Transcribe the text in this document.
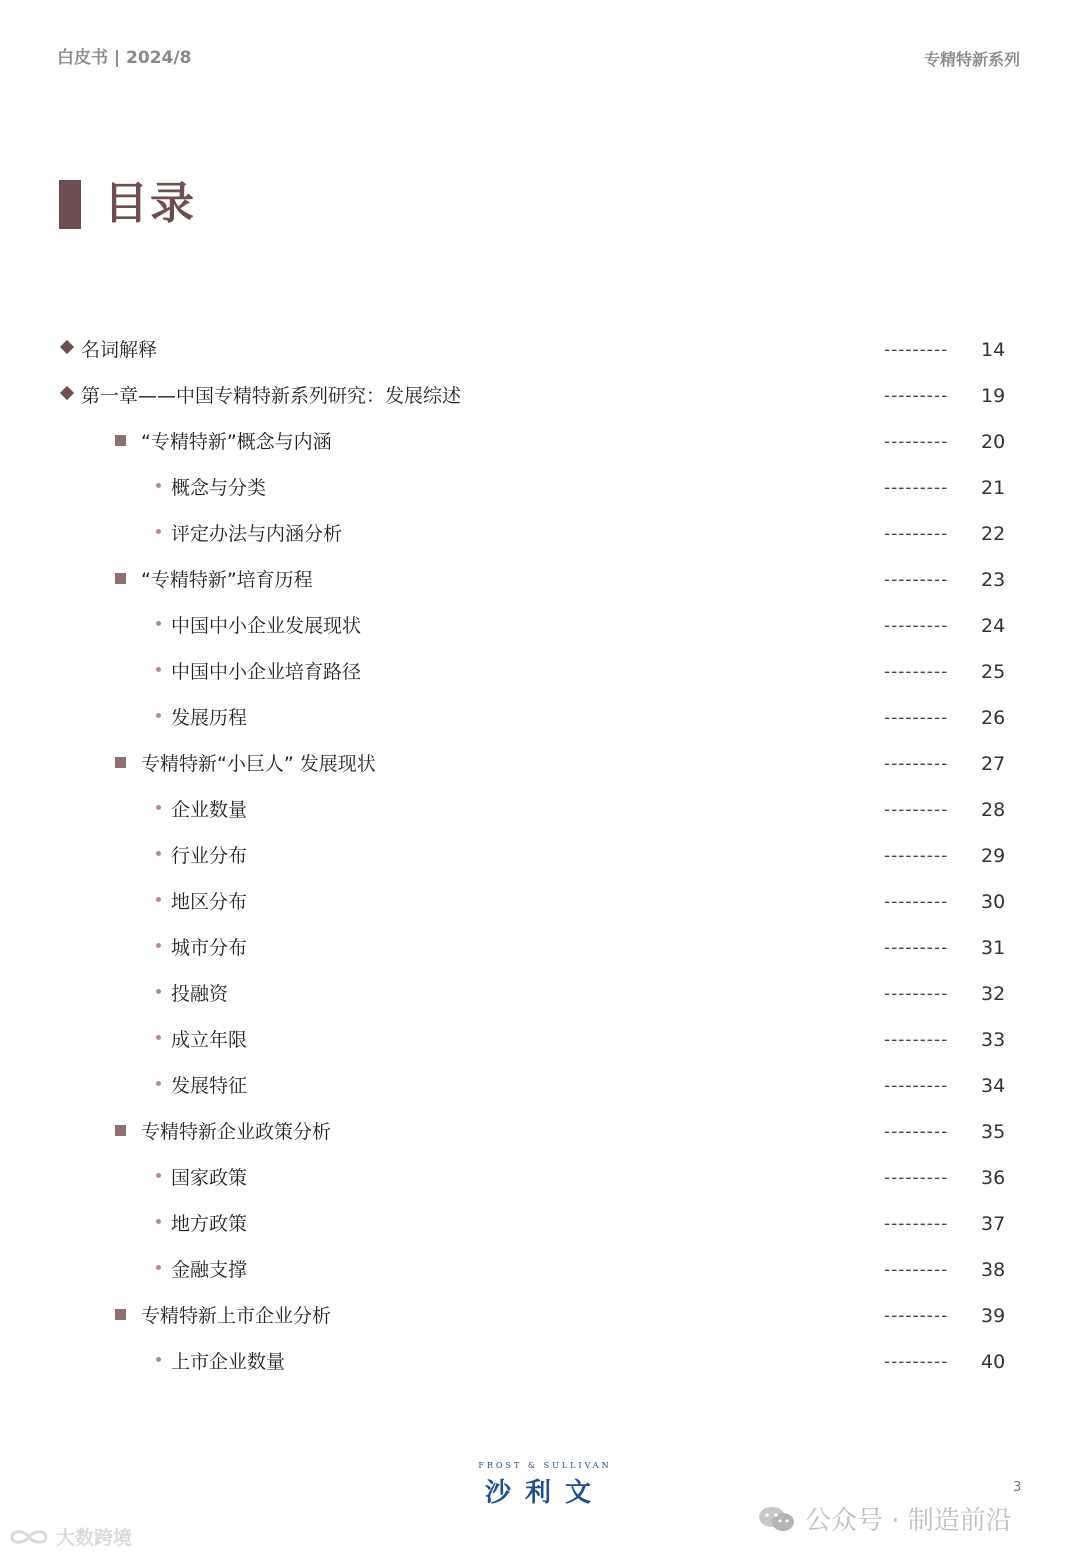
白皮书 | 2024/8	专精特新系列
目录
名词解释	--------- 14
第一章——中国专精特新系列研究：发展综述	--------- 19
“专精特新”概念与内涵	--------- 20
概念与分类	--------- 21
评定办法与内涵分析	--------- 22
“专精特新”培育历程	--------- 23
中国中小企业发展现状	--------- 24
中国中小企业培育路径	--------- 25
发展历程	--------- 26
专精特新“小巨人” 发展现状	--------- 27
企业数量	--------- 28
行业分布	--------- 29
地区分布	--------- 30
城市分布	--------- 31
投融资	--------- 32
成立年限	--------- 33
发展特征	--------- 34
专精特新企业政策分析	--------- 35
国家政策	--------- 36
地方政策	--------- 37
金融支撑	--------- 38
专精特新上市企业分析	--------- 39
上市企业数量	--------- 40
FROST & SULLIVAN
沙利文	3
公众号 · 制造前沿
大数跨境
